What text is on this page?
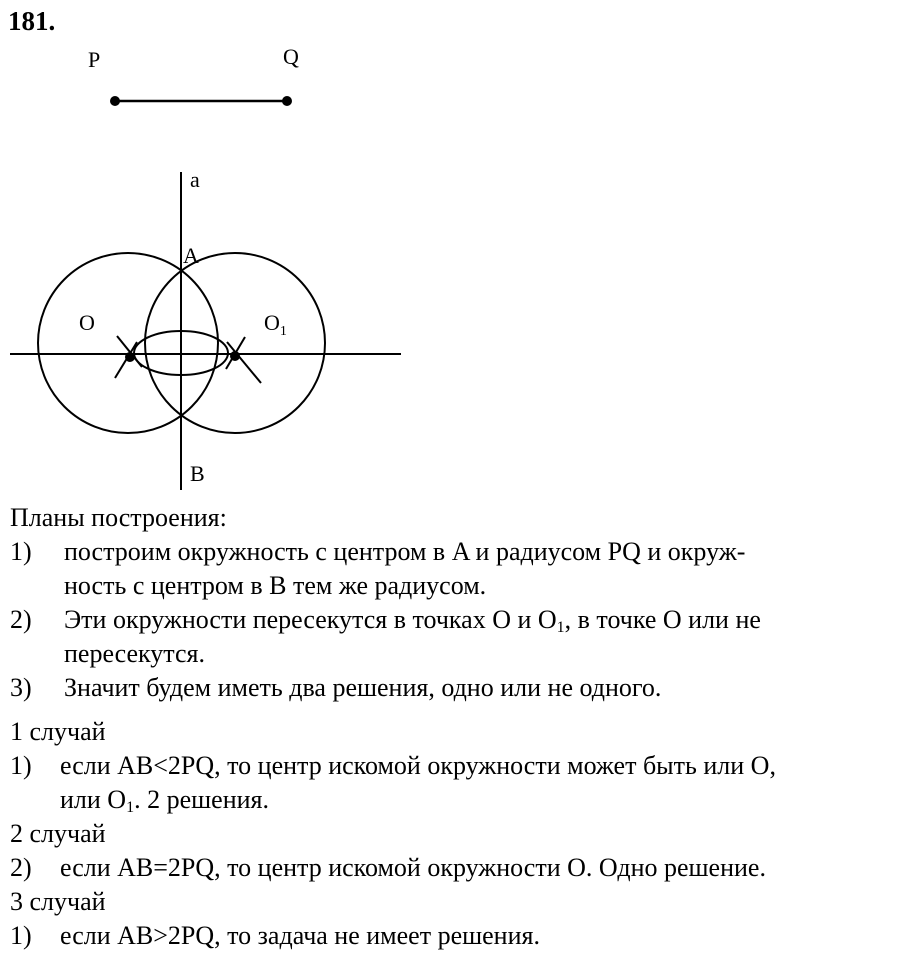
181.
P	Q
a
A
B
O	$O_1$
Планы построения:
1) построим окружность с центром в A и радиусом PQ и окруж-
ность с центром в B тем же радиусом.
2) Эти окружности пересекутся в точках O и $O_1$, в точке O или не
пересекутся.
3) Значит будем иметь два решения, одно или не одного.
1 случай
1) если AB<2PQ, то центр искомой окружности может быть или O,
или $O_1$. 2 решения.
2 случай
2) если AB=2PQ, то центр искомой окружности O. Одно решение.
3 случай
1) если AB>2PQ, то задача не имеет решения.
